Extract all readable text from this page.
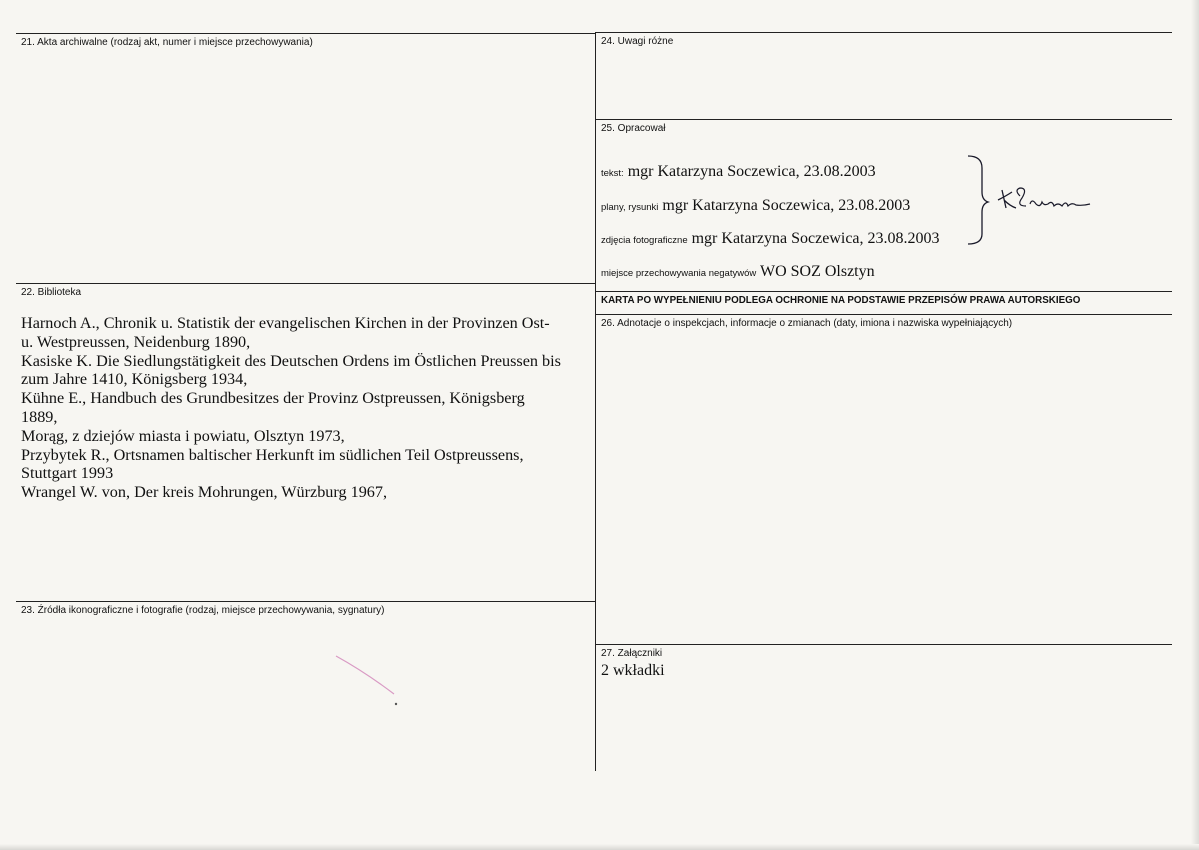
21. Akta archiwalne (rodzaj akt, numer i miejsce przechowywania)
22. Biblioteka
Harnoch A., Chronik u. Statistik der evangelischen Kirchen in der Provinzen Ost-
u. Westpreussen, Neidenburg 1890,
Kasiske K. Die Siedlungstätigkeit des Deutschen Ordens im Östlichen Preussen bis
zum Jahre 1410, Königsberg 1934,
Kühne E., Handbuch des Grundbesitzes der Provinz Ostpreussen, Königsberg
1889,
Morąg, z dziejów miasta i powiatu, Olsztyn 1973,
Przybytek R., Ortsnamen baltischer Herkunft im südlichen Teil Ostpreussens,
Stuttgart 1993
Wrangel W. von, Der kreis Mohrungen, Würzburg 1967,
23. Źródła ikonograficzne i fotografie (rodzaj, miejsce przechowywania, sygnatury)
24. Uwagi różne
25. Opracował
tekst: mgr Katarzyna Soczewica, 23.08.2003
plany, rysunki mgr Katarzyna Soczewica, 23.08.2003
zdjęcia fotograficzne mgr Katarzyna Soczewica, 23.08.2003
miejsce przechowywania negatywów WO SOZ Olsztyn
KARTA PO WYPEŁNIENIU PODLEGA OCHRONIE NA PODSTAWIE PRZEPISÓW PRAWA AUTORSKIEGO
26. Adnotacje o inspekcjach, informacje o zmianach (daty, imiona i nazwiska wypełniających)
27. Załączniki
2 wkładki
